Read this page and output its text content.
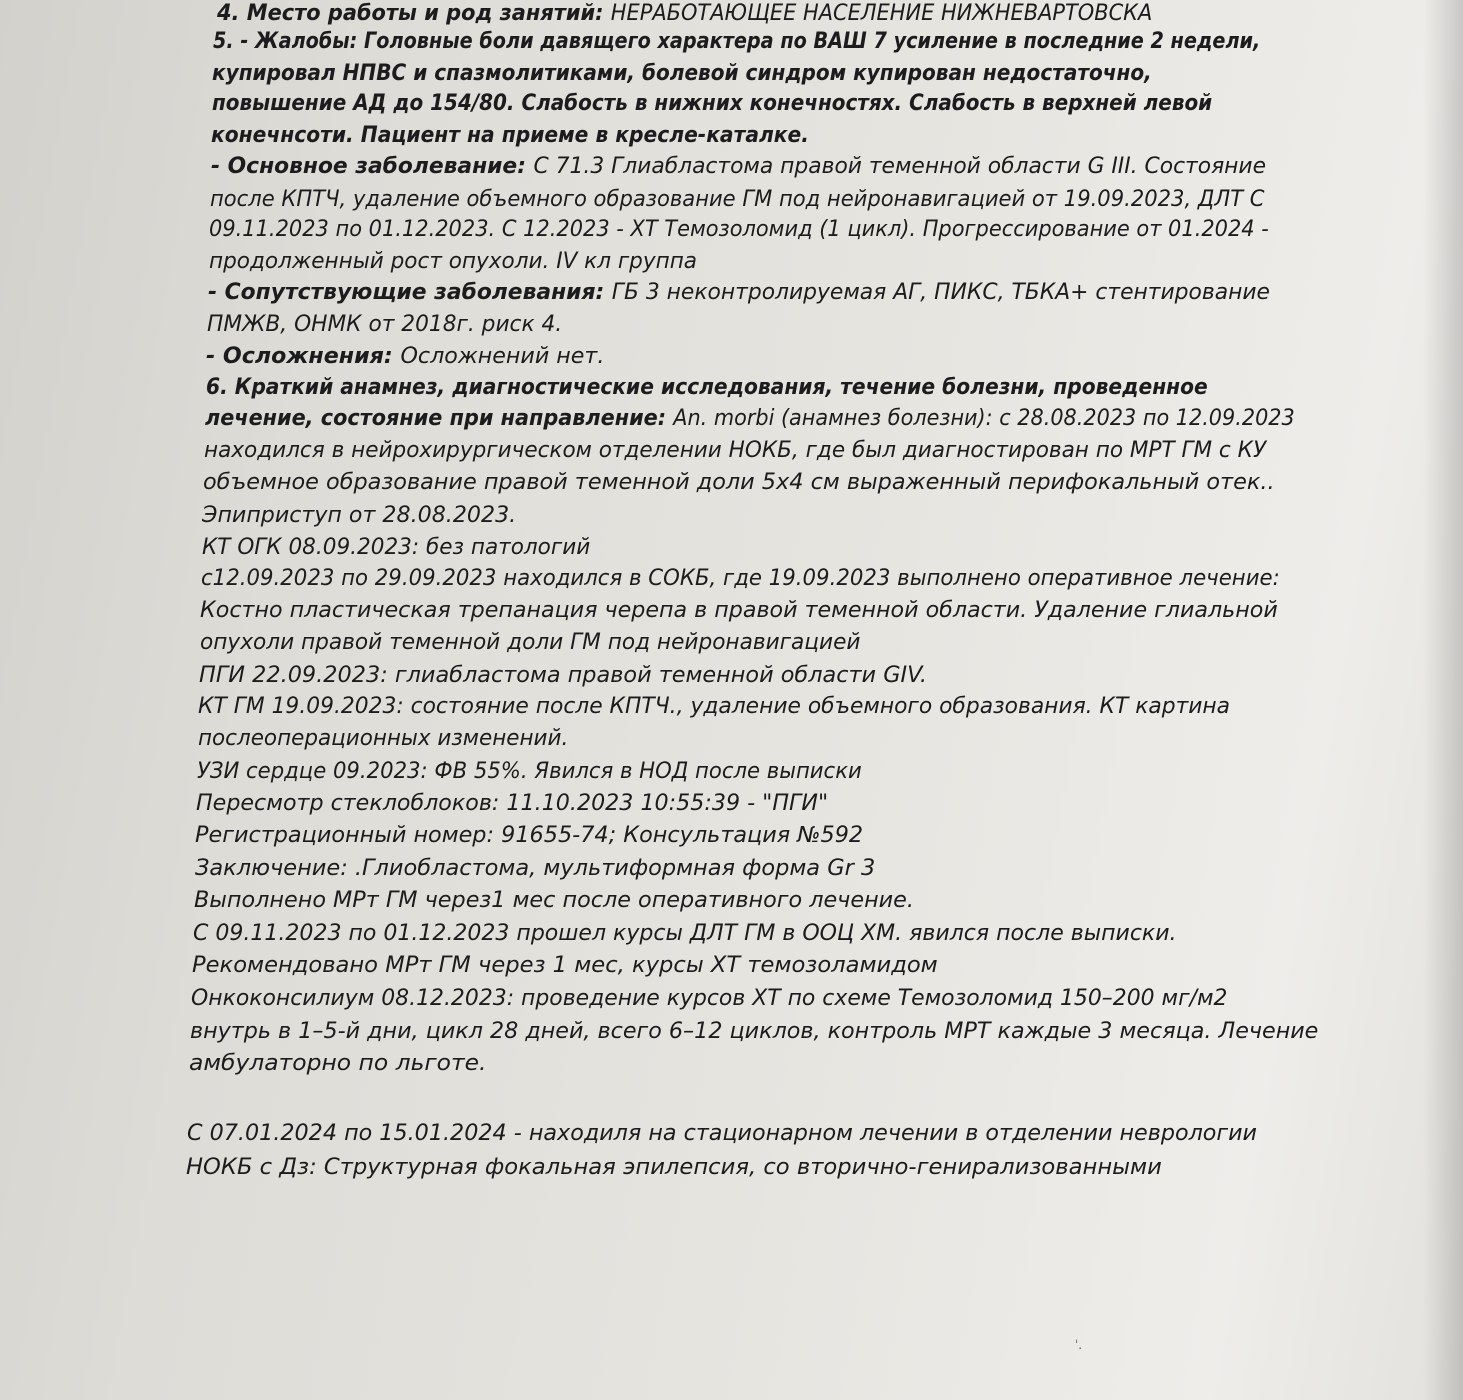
4. Место работы и род занятий: НЕРАБОТАЮЩЕЕ НАСЕЛЕНИЕ НИЖНЕВАРТОВСКА
5. - Жалобы: Головные боли давящего характера по ВАШ 7 усиление в последние 2 недели,
купировал НПВС и спазмолитиками, болевой синдром купирован недостаточно,
повышение АД до 154/80. Слабость в нижних конечностях. Слабость в верхней левой
конечнсоти. Пациент на приеме в кресле-каталке.
- Основное заболевание: С 71.3 Глиабластома правой теменной области G III. Состояние
после КПТЧ, удаление объемного образование ГМ под нейронавигацией от 19.09.2023, ДЛТ С
09.11.2023 по 01.12.2023. С 12.2023 - ХТ Темозоломид (1 цикл). Прогрессирование от 01.2024 -
продолженный рост опухоли. IV кл группа
- Сопутствующие заболевания: ГБ 3 неконтролируемая АГ, ПИКС, ТБКА+ стентирование
ПМЖВ, ОНМК от 2018г. риск 4.
- Осложнения: Осложнений нет.
6. Краткий анамнез, диагностические исследования, течение болезни, проведенное
лечение, состояние при направление: An. morbi (анамнез болезни): с 28.08.2023 по 12.09.2023
находился в нейрохирургическом отделении НОКБ, где был диагностирован по МРТ ГМ с КУ
объемное образование правой теменной доли 5х4 см выраженный перифокальный отек..
Эпиприступ от 28.08.2023.
КТ ОГК 08.09.2023: без патологий
с12.09.2023 по 29.09.2023 находился в СОКБ, где 19.09.2023 выполнено оперативное лечение:
Костно пластическая трепанация черепа в правой теменной области. Удаление глиальной
опухоли правой теменной доли ГМ под нейронавигацией
ПГИ 22.09.2023: глиабластома правой теменной области GIV.
КТ ГМ 19.09.2023: состояние после КПТЧ., удаление объемного образования. КТ картина
послеоперационных изменений.
УЗИ сердце 09.2023: ФВ 55%. Явился в НОД после выписки
Пересмотр стеклоблоков: 11.10.2023 10:55:39 - "ПГИ"
Регистрационный номер: 91655-74; Консультация №592
Заключение: .Глиобластома, мультиформная форма Gr 3
Выполнено МРт ГМ через1 мес после оперативного лечение.
С 09.11.2023 по 01.12.2023 прошел курсы ДЛТ ГМ в ООЦ ХМ. явился после выписки.
Рекомендовано МРт ГМ через 1 мес, курсы ХТ темозоламидом
Онкоконсилиум 08.12.2023: проведение курсов ХТ по схеме Темозоломид 150–200 мг/м2
внутрь в 1–5-й дни, цикл 28 дней, всего 6–12 циклов, контроль МРТ каждые 3 месяца. Лечение
амбулаторно по льготе.
С 07.01.2024 по 15.01.2024 - находиля на стационарном лечении в отделении неврологии
НОКБ с Дз: Структурная фокальная эпилепсия, со вторично-генирализованными
ˈ.
